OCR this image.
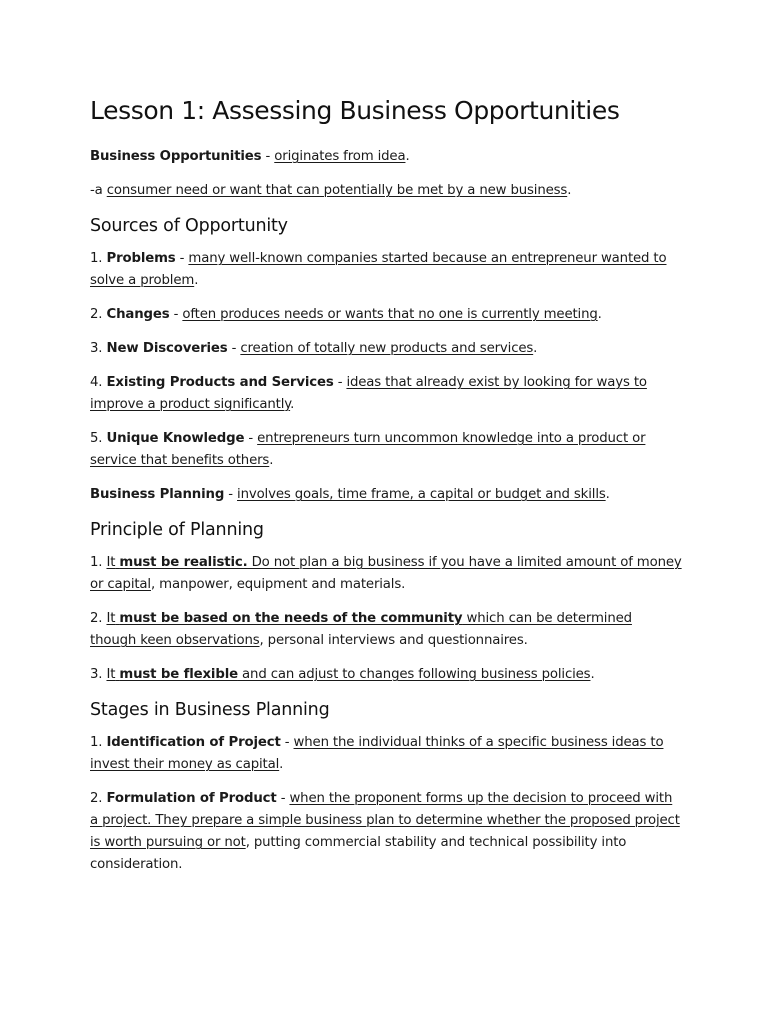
Lesson 1: Assessing Business Opportunities

Business Opportunities - originates from idea.

-a consumer need or want that can potentially be met by a new business.

Sources of Opportunity

1. Problems - many well-known companies started because an entrepreneur wanted to solve a problem.

2. Changes - often produces needs or wants that no one is currently meeting.

3. New Discoveries - creation of totally new products and services.

4. Existing Products and Services - ideas that already exist by looking for ways to improve a product significantly.

5. Unique Knowledge - entrepreneurs turn uncommon knowledge into a product or service that benefits others.

Business Planning - involves goals, time frame, a capital or budget and skills.

Principle of Planning

1. It must be realistic. Do not plan a big business if you have a limited amount of money or capital, manpower, equipment and materials.

2. It must be based on the needs of the community which can be determined though keen observations, personal interviews and questionnaires.

3. It must be flexible and can adjust to changes following business policies.

Stages in Business Planning

1. Identification of Project - when the individual thinks of a specific business ideas to invest their money as capital.

2. Formulation of Product - when the proponent forms up the decision to proceed with a project. They prepare a simple business plan to determine whether the proposed project is worth pursuing or not, putting commercial stability and technical possibility into consideration.
